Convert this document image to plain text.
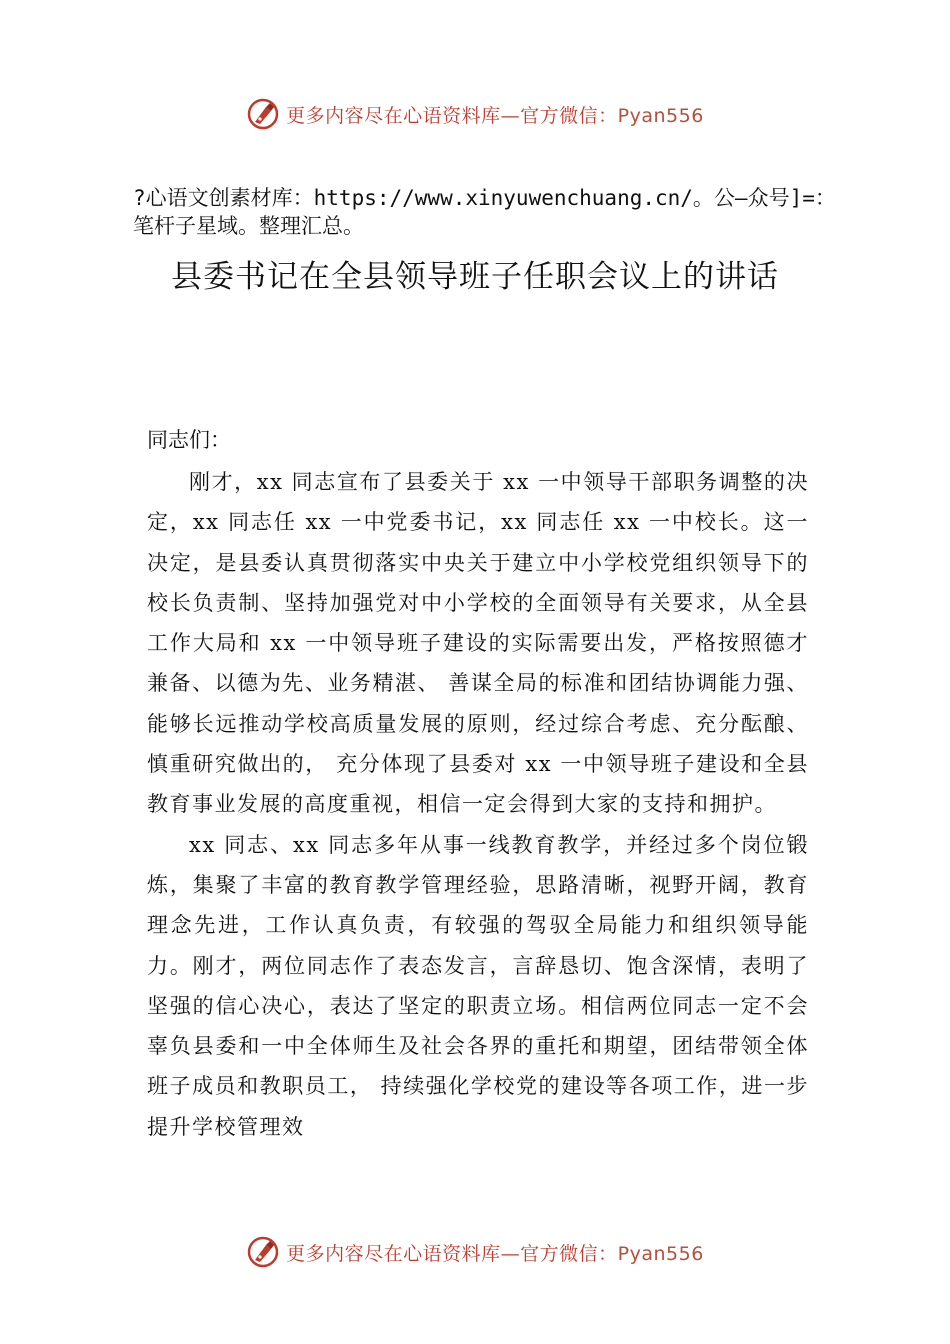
更多内容尽在心语资料库—官方微信：Pyan556
?心语文创素材库：https://www.xinyuwenchuang.cn/。公—众号]=：笔杆子星域。整理汇总。
县委书记在全县领导班子任职会议上的讲话
同志们：

刚才，xx 同志宣布了县委关于 xx 一中领导干部职务调整的决定，xx 同志任 xx 一中党委书记，xx 同志任 xx 一中校长。这一决定，是县委认真贯彻落实中央关于建立中小学校党组织领导下的校长负责制、坚持加强党对中小学校的全面领导有关要求，从全县工作大局和 xx 一中领导班子建设的实际需要出发，严格按照德才兼备、以德为先、业务精湛、 善谋全局的标准和团结协调能力强、能够长远推动学校高质量发展的原则，经过综合考虑、充分酝酿、慎重研究做出的， 充分体现了县委对 xx 一中领导班子建设和全县教育事业发展的高度重视，相信一定会得到大家的支持和拥护。

xx 同志、xx 同志多年从事一线教育教学，并经过多个岗位锻炼，集聚了丰富的教育教学管理经验，思路清晰，视野开阔，教育理念先进，工作认真负责，有较强的驾驭全局能力和组织领导能力。刚才，两位同志作了表态发言，言辞恳切、饱含深情，表明了坚强的信心决心，表达了坚定的职责立场。相信两位同志一定不会辜负县委和一中全体师生及社会各界的重托和期望，团结带领全体班子成员和教职员工， 持续强化学校党的建设等各项工作，进一步提升学校管理效

更多内容尽在心语资料库—官方微信：Pyan556
